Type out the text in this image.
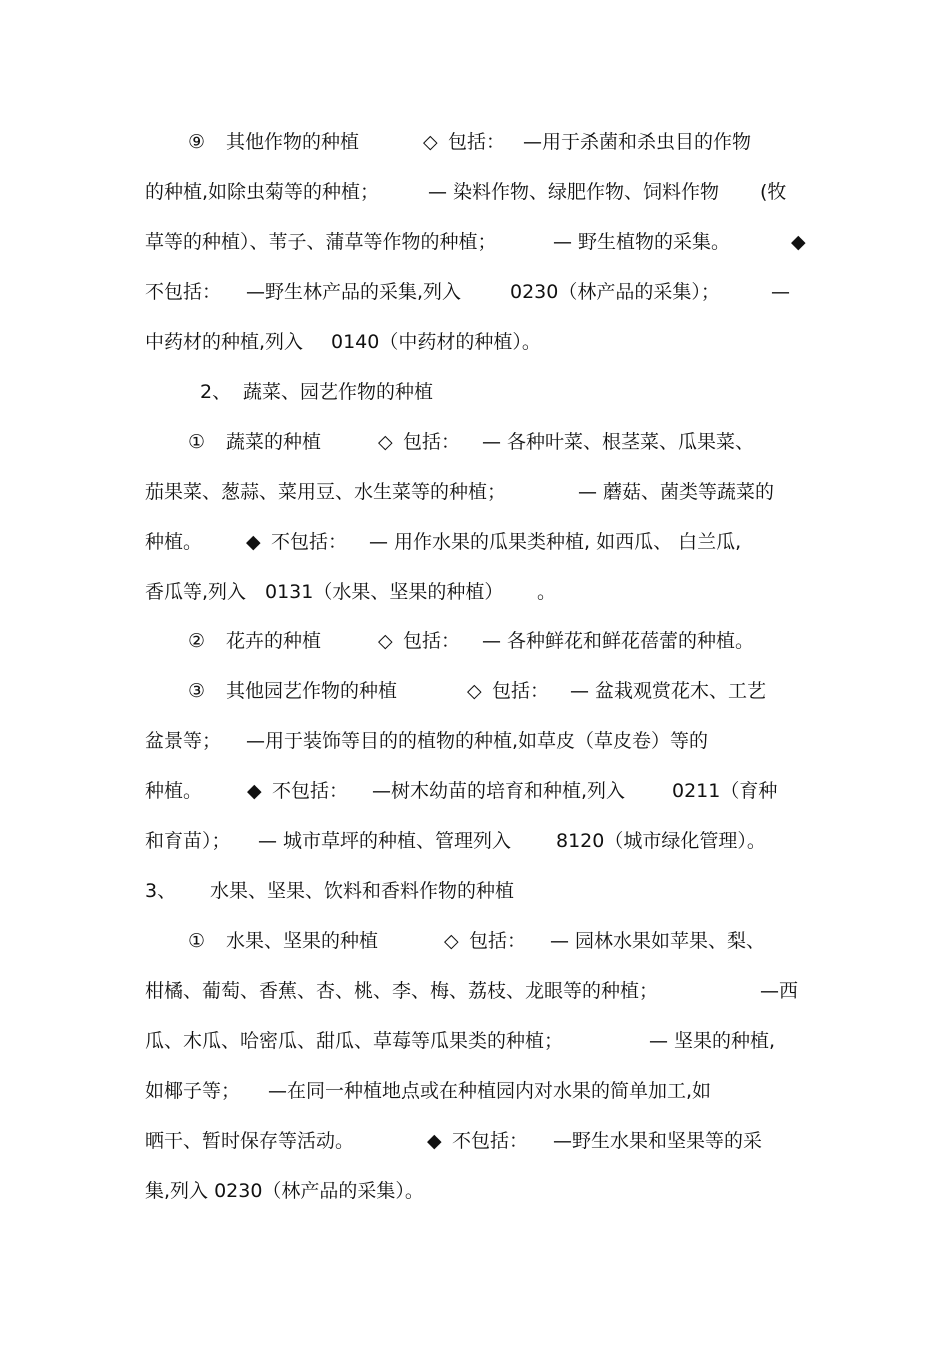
⑨

其他作物的种植

	◇

包括：

—用于杀菌和杀虫目的作物

的种植,如除虫菊等的种植；

	— 染料作物、绿肥作物、饲料作物

(牧

草等的种植）、苇子、蒲草等作物的种植；

	— 野生植物的采集。

	◆

不包括：

—野生林产品的采集,列入

	0230（林产品的采集）；

	—

中药材的种植,列入

0140（中药材的种植）。

2、

蔬菜、园艺作物的种植

①

蔬菜的种植

	◇

包括：

— 各种叶菜、根茎菜、瓜果菜、

茄果菜、葱蒜、菜用豆、水生菜等的种植；

	— 蘑菇、菌类等蔬菜的

种植。

◆

不包括：

— 用作水果的瓜果类种植, 如西瓜、 白兰瓜,

香瓜等,列入

0131（水果、坚果的种植）

。

②

花卉的种植

	◇

包括：

— 各种鲜花和鲜花蓓蕾的种植。

③

其他园艺作物的种植

	◇

包括：

— 盆栽观赏花木、工艺

盆景等；

—用于装饰等目的的植物的种植,如草皮（草皮卷）等的

种植。

◆

不包括：

—树木幼苗的培育和种植,列入

0211（育种

和育苗）；

— 城市草坪的种植、管理列入

8120（城市绿化管理）。

3、

水果、坚果、饮料和香料作物的种植

①

水果、坚果的种植

	◇

包括：

— 园林水果如苹果、梨、

柑橘、葡萄、香蕉、杏、桃、李、梅、荔枝、龙眼等的种植；

	—西

瓜、木瓜、哈密瓜、甜瓜、草莓等瓜果类的种植；

	— 坚果的种植,

如椰子等；

—在同一种植地点或在种植园内对水果的简单加工,如

晒干、暂时保存等活动。

	◆

不包括：

—野生水果和坚果等的采

集,列入 0230（林产品的采集）。
